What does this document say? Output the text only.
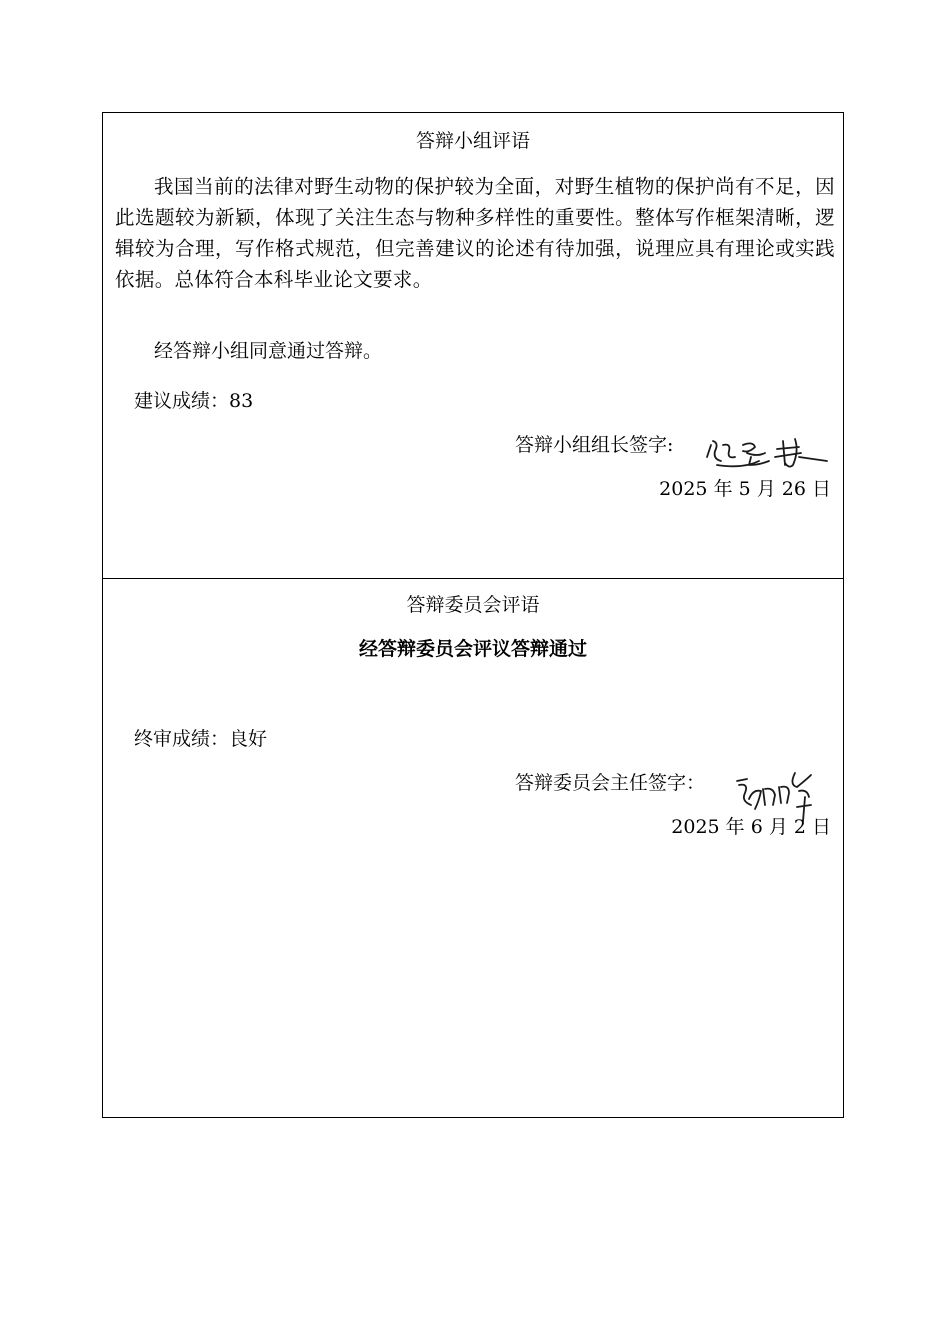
答辩小组评语
我国当前的法律对野生动物的保护较为全面，对野生植物的保护尚有不足，因此选题较为新颖，体现了关注生态与物种多样性的重要性。整体写作框架清晰，逻辑较为合理，写作格式规范，但完善建议的论述有待加强，说理应具有理论或实践依据。总体符合本科毕业论文要求。
经答辩小组同意通过答辩。
建议成绩：83
答辩小组组长签字:
2025 年 5 月 26 日
答辩委员会评语
经答辩委员会评议答辩通过
终审成绩：良好
答辩委员会主任签字：
2025 年 6 月 2 日
